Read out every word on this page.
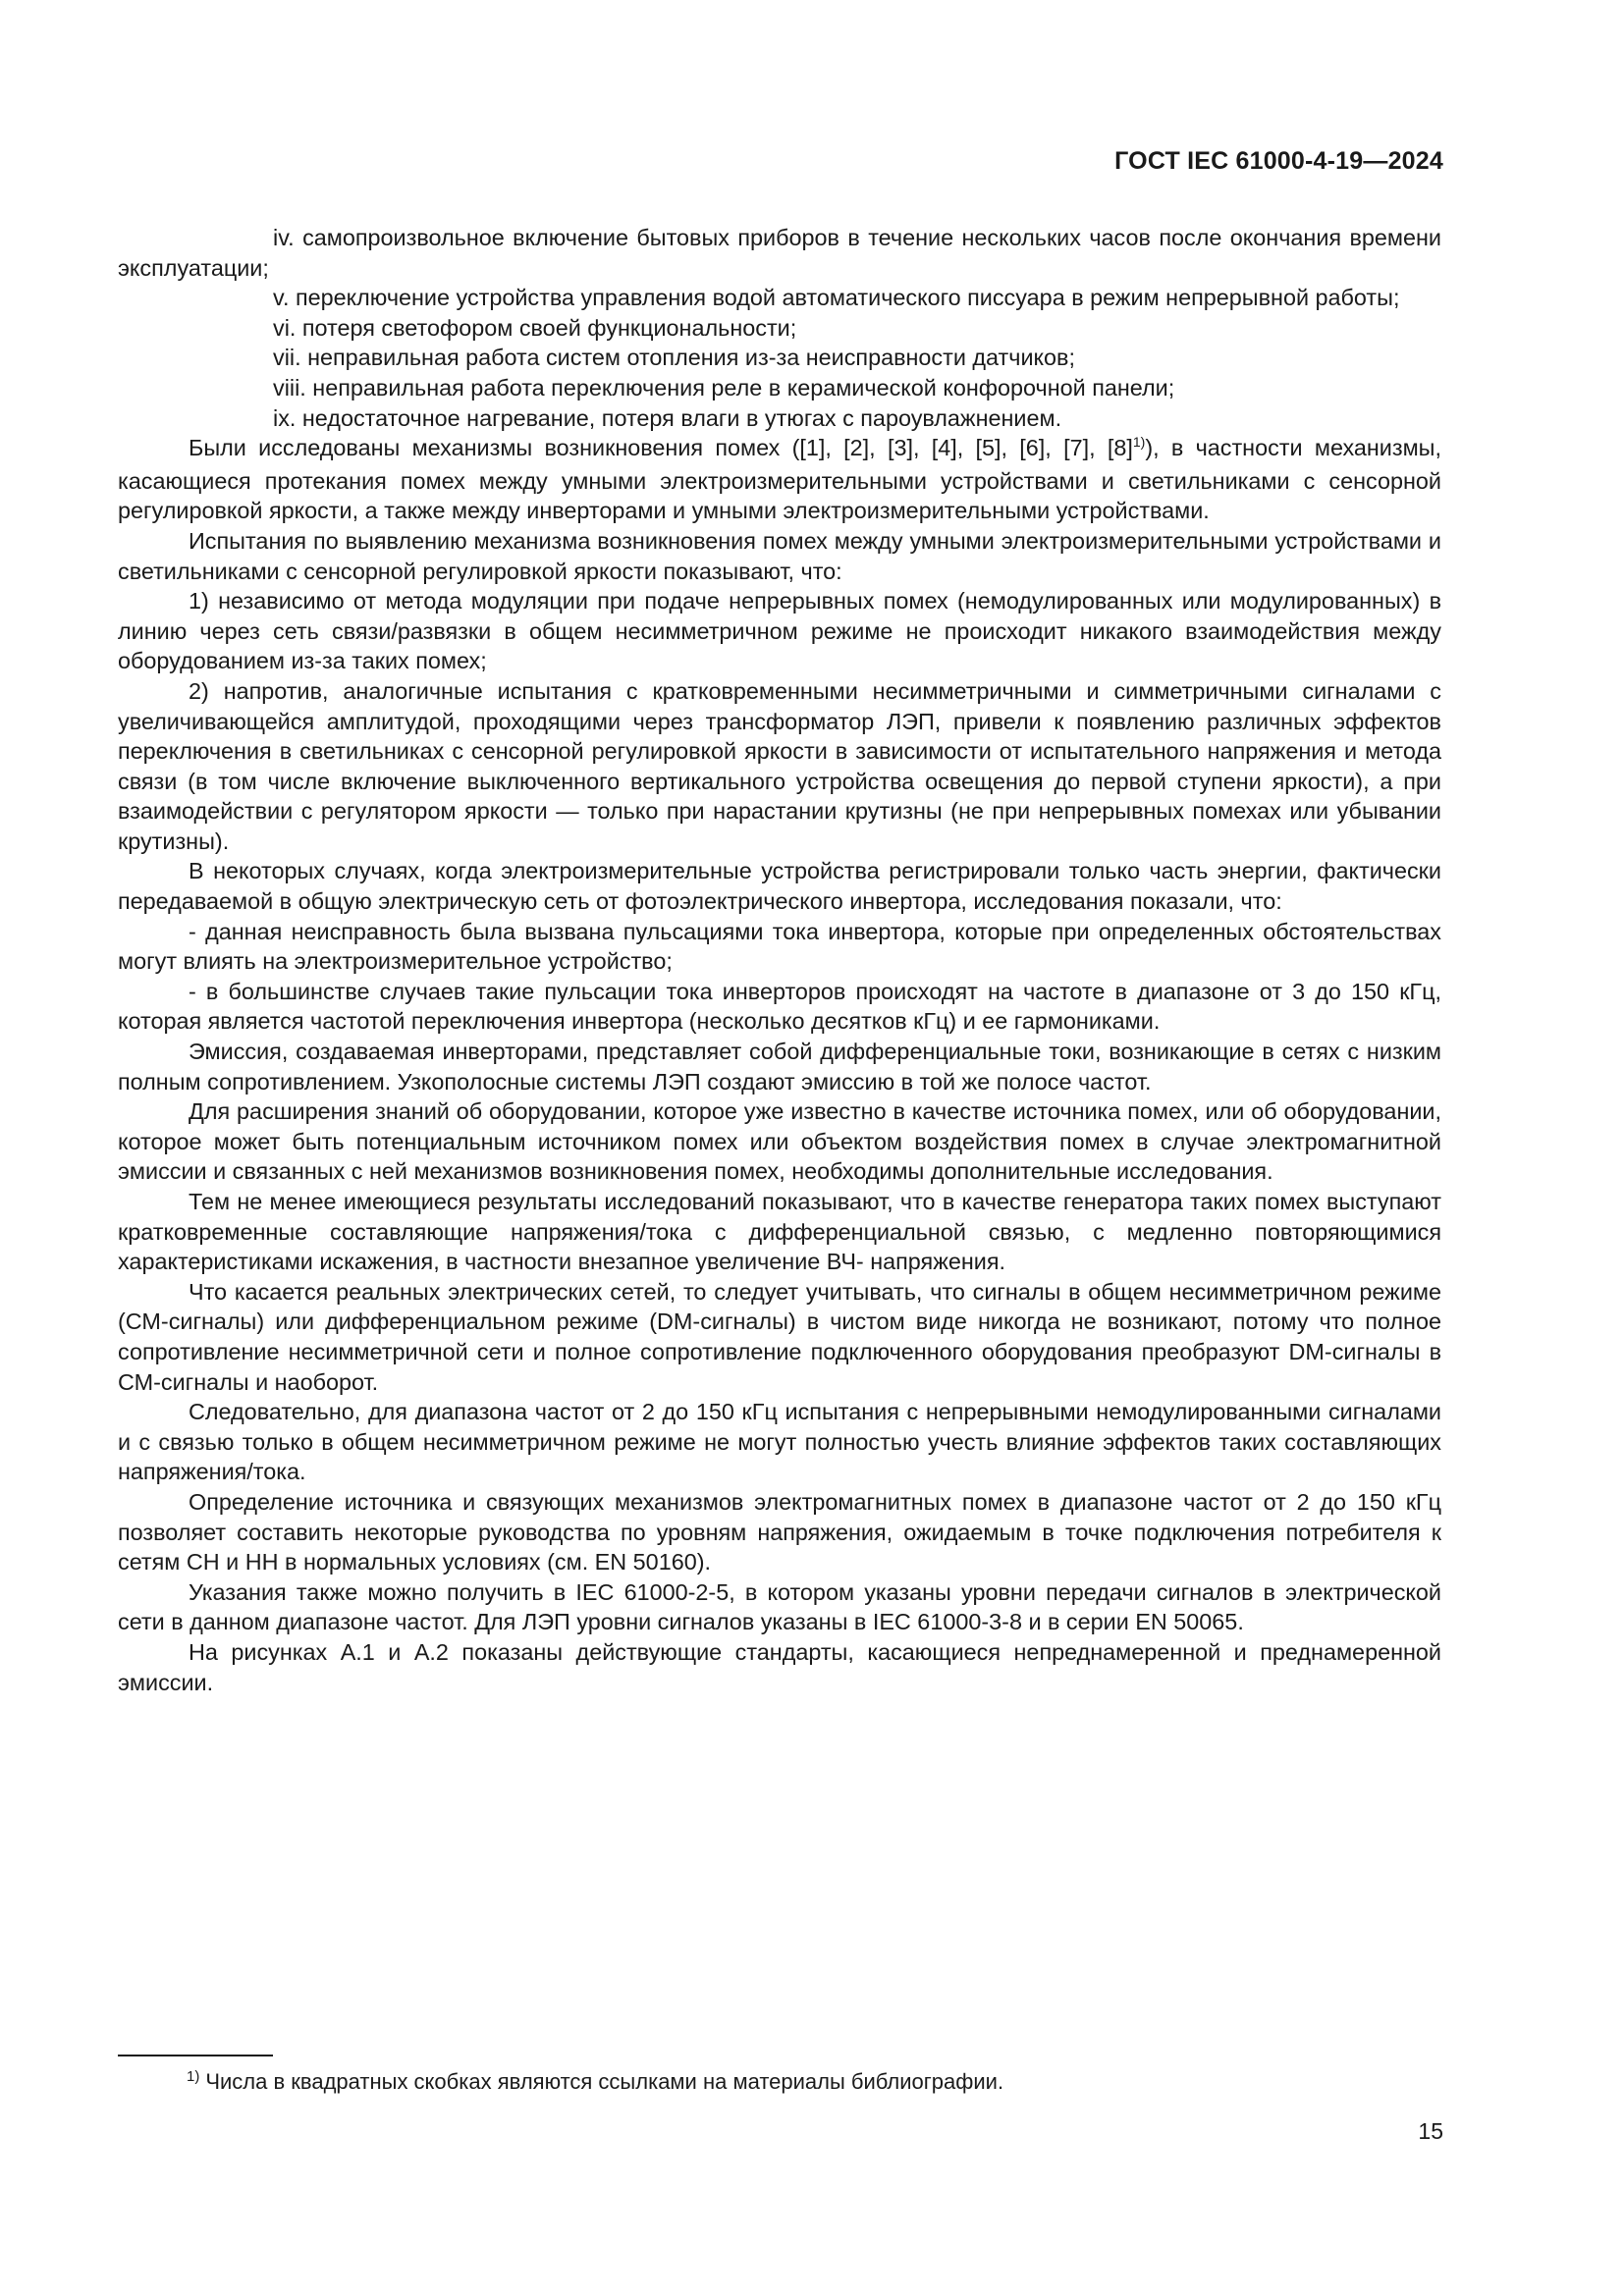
ГОСТ IEC 61000-4-19—2024

iv. самопроизвольное включение бытовых приборов в течение нескольких часов после окончания времени эксплуатации;

v. переключение устройства управления водой автоматического писсуара в режим непрерывной работы;

vi. потеря светофором своей функциональности;

vii. неправильная работа систем отопления из-за неисправности датчиков;

viii. неправильная работа переключения реле в керамической конфорочной панели;

ix. недостаточное нагревание, потеря влаги в утюгах с пароувлажнением.

Были исследованы механизмы возникновения помех ([1], [2], [3], [4], [5], [6], [7], [8]$^{1)}$), в частности механизмы, касающиеся протекания помех между умными электроизмерительными устройствами и светильниками с сенсорной регулировкой яркости, а также между инверторами и умными электроизмерительными устройствами.

Испытания по выявлению механизма возникновения помех между умными электроизмерительными устройствами и светильниками с сенсорной регулировкой яркости показывают, что:

1) независимо от метода модуляции при подаче непрерывных помех (немодулированных или модулированных) в линию через сеть связи/развязки в общем несимметричном режиме не происходит никакого взаимодействия между оборудованием из-за таких помех;

2) напротив, аналогичные испытания с кратковременными несимметричными и симметричными сигналами с увеличивающейся амплитудой, проходящими через трансформатор ЛЭП, привели к появлению различных эффектов переключения в светильниках с сенсорной регулировкой яркости в зависимости от испытательного напряжения и метода связи (в том числе включение выключенного вертикального устройства освещения до первой ступени яркости), а при взаимодействии с регулятором яркости — только при нарастании крутизны (не при непрерывных помехах или убывании крутизны).

В некоторых случаях, когда электроизмерительные устройства регистрировали только часть энергии, фактически передаваемой в общую электрическую сеть от фотоэлектрического инвертора, исследования показали, что:

- данная неисправность была вызвана пульсациями тока инвертора, которые при определенных обстоятельствах могут влиять на электроизмерительное устройство;

- в большинстве случаев такие пульсации тока инверторов происходят на частоте в диапазоне от 3 до 150 кГц, которая является частотой переключения инвертора (несколько десятков кГц) и ее гармониками.

Эмиссия, создаваемая инверторами, представляет собой дифференциальные токи, возникающие в сетях с низким полным сопротивлением. Узкополосные системы ЛЭП создают эмиссию в той же полосе частот.

Для расширения знаний об оборудовании, которое уже известно в качестве источника помех, или об оборудовании, которое может быть потенциальным источником помех или объектом воздействия помех в случае электромагнитной эмиссии и связанных с ней механизмов возникновения помех, необходимы дополнительные исследования.

Тем не менее имеющиеся результаты исследований показывают, что в качестве генератора таких помех выступают кратковременные составляющие напряжения/тока с дифференциальной связью, с медленно повторяющимися характеристиками искажения, в частности внезапное увеличение ВЧ- напряжения.

Что касается реальных электрических сетей, то следует учитывать, что сигналы в общем несимметричном режиме (СМ-сигналы) или дифференциальном режиме (DM-сигналы) в чистом виде никогда не возникают, потому что полное сопротивление несимметричной сети и полное сопротивление подключенного оборудования преобразуют DM-сигналы в СМ-сигналы и наоборот.

Следовательно, для диапазона частот от 2 до 150 кГц испытания с непрерывными немодулированными сигналами и с связью только в общем несимметричном режиме не могут полностью учесть влияние эффектов таких составляющих напряжения/тока.

Определение источника и связующих механизмов электромагнитных помех в диапазоне частот от 2 до 150 кГц позволяет составить некоторые руководства по уровням напряжения, ожидаемым в точке подключения потребителя к сетям СН и НН в нормальных условиях (см. EN 50160).

Указания также можно получить в IEC 61000-2-5, в котором указаны уровни передачи сигналов в электрической сети в данном диапазоне частот. Для ЛЭП уровни сигналов указаны в IEC 61000-3-8 и в серии EN 50065.

На рисунках А.1 и А.2 показаны действующие стандарты, касающиеся непреднамеренной и преднамеренной эмиссии.

$^{1)}$ Числа в квадратных скобках являются ссылками на материалы библиографии.
15
